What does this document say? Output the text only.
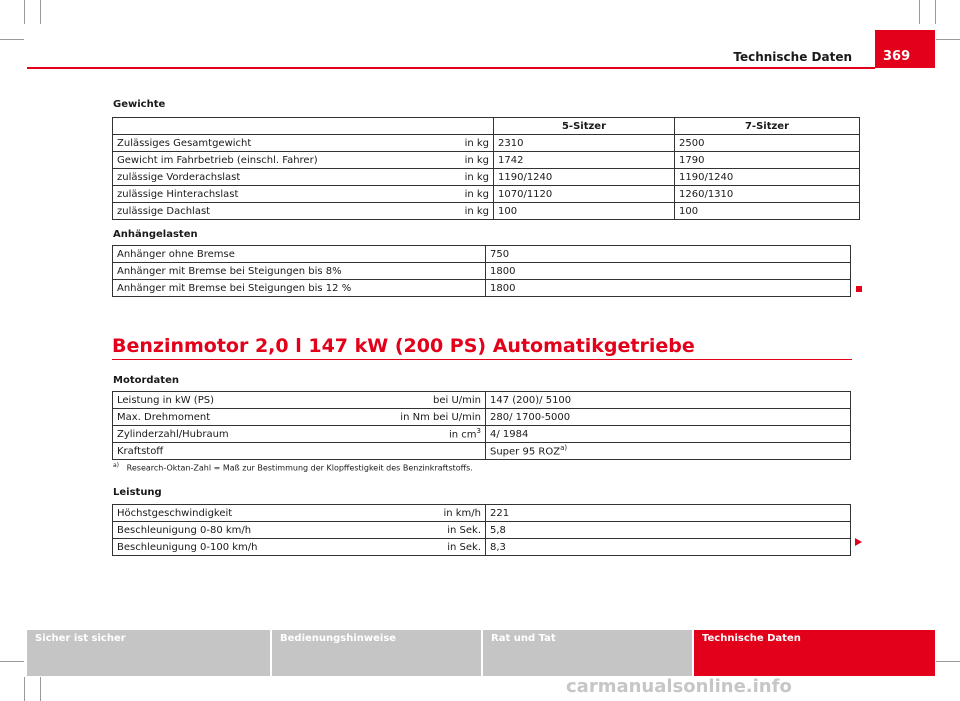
Technische Daten	369
Gewichte
		5-Sitzer	7-Sitzer
Zulässiges Gesamtgewicht	in kg	2310	2500
Gewicht im Fahrbetrieb (einschl. Fahrer)	in kg	1742	1790
zulässige Vorderachslast	in kg	1190/1240	1190/1240
zulässige Hinterachslast	in kg	1070/1120	1260/1310
zulässige Dachlast	in kg	100	100
Anhängelasten
Anhänger ohne Bremse	750
Anhänger mit Bremse bei Steigungen bis 8%	1800
Anhänger mit Bremse bei Steigungen bis 12 %	1800
Benzinmotor 2,0 l 147 kW (200 PS) Automatikgetriebe
Motordaten
Leistung in kW (PS)	bei U/min	147 (200)/ 5100
Max. Drehmoment	in Nm bei U/min	280/ 1700-5000
Zylinderzahl/Hubraum	in $cm^3$	4/ 1984
Kraftstoff		Super 95 ROZ$^{a)}$
$^{a)}$ Research-Oktan-Zahl = Maß zur Bestimmung der Klopffestigkeit des Benzinkraftstoffs.
Leistung
Höchstgeschwindigkeit	in km/h	221
Beschleunigung 0-80 km/h	in Sek.	5,8
Beschleunigung 0-100 km/h	in Sek.	8,3
Sicher ist sicher	Bedienungshinweise	Rat und Tat	Technische Daten
carmanualsonline.info
